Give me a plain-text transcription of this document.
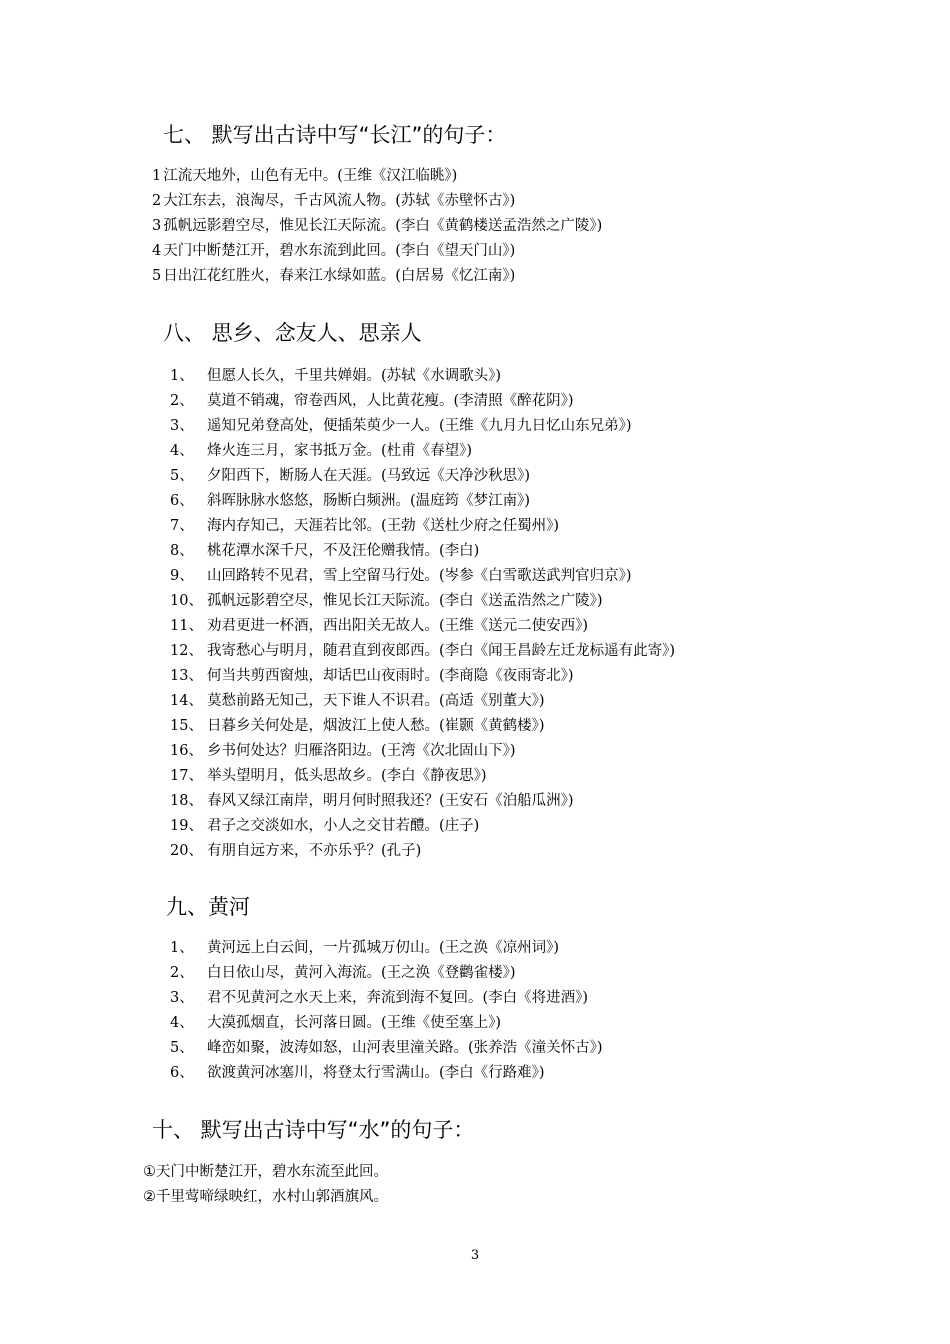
七、 默写出古诗中写“长江”的句子：
1 江流天地外，山色有无中。(王维《汉江临眺》)
2 大江东去，浪淘尽，千古风流人物。(苏轼《赤壁怀古》)
3 孤帆远影碧空尽，惟见长江天际流。(李白《黄鹤楼送孟浩然之广陵》)
4 天门中断楚江开，碧水东流到此回。(李白《望天门山》)
5 日出江花红胜火，春来江水绿如蓝。(白居易《忆江南》)
八、 思乡、念友人、思亲人
1、 但愿人长久，千里共婵娟。(苏轼《水调歌头》)
2、 莫道不销魂，帘卷西风，人比黄花瘦。(李清照《醉花阴》)
3、 遥知兄弟登高处，便插茱萸少一人。(王维《九月九日忆山东兄弟》)
4、 烽火连三月，家书抵万金。(杜甫《春望》)
5、 夕阳西下，断肠人在天涯。(马致远《天净沙秋思》)
6、 斜晖脉脉水悠悠，肠断白频洲。(温庭筠《梦江南》)
7、 海内存知己，天涯若比邻。(王勃《送杜少府之任蜀州》)
8、 桃花潭水深千尺，不及汪伦赠我情。(李白)
9、 山回路转不见君，雪上空留马行处。(岑参《白雪歌送武判官归京》)
10、 孤帆远影碧空尽，惟见长江天际流。(李白《送孟浩然之广陵》)
11、 劝君更进一杯酒，西出阳关无故人。(王维《送元二使安西》)
12、 我寄愁心与明月，随君直到夜郎西。(李白《闻王昌龄左迁龙标遥有此寄》)
13、 何当共剪西窗烛，却话巴山夜雨时。(李商隐《夜雨寄北》)
14、 莫愁前路无知己，天下谁人不识君。(高适《别董大》)
15、 日暮乡关何处是，烟波江上使人愁。(崔颢《黄鹤楼》)
16、 乡书何处达？归雁洛阳边。(王湾《次北固山下》)
17、 举头望明月，低头思故乡。(李白《静夜思》)
18、 春风又绿江南岸，明月何时照我还？(王安石《泊船瓜洲》)
19、 君子之交淡如水，小人之交甘若醴。(庄子)
20、 有朋自远方来，不亦乐乎？(孔子)
九、黄河
1、 黄河远上白云间，一片孤城万仞山。(王之涣《凉州词》)
2、 白日依山尽，黄河入海流。(王之涣《登鹳雀楼》)
3、 君不见黄河之水天上来，奔流到海不复回。(李白《将进酒》)
4、 大漠孤烟直，长河落日圆。(王维《使至塞上》)
5、 峰峦如聚，波涛如怒，山河表里潼关路。(张养浩《潼关怀古》)
6、 欲渡黄河冰塞川，将登太行雪满山。(李白《行路难》)
十、 默写出古诗中写“水”的句子：
① 天门中断楚江开，碧水东流至此回。
② 千里莺啼绿映红，水村山郭酒旗风。
3
